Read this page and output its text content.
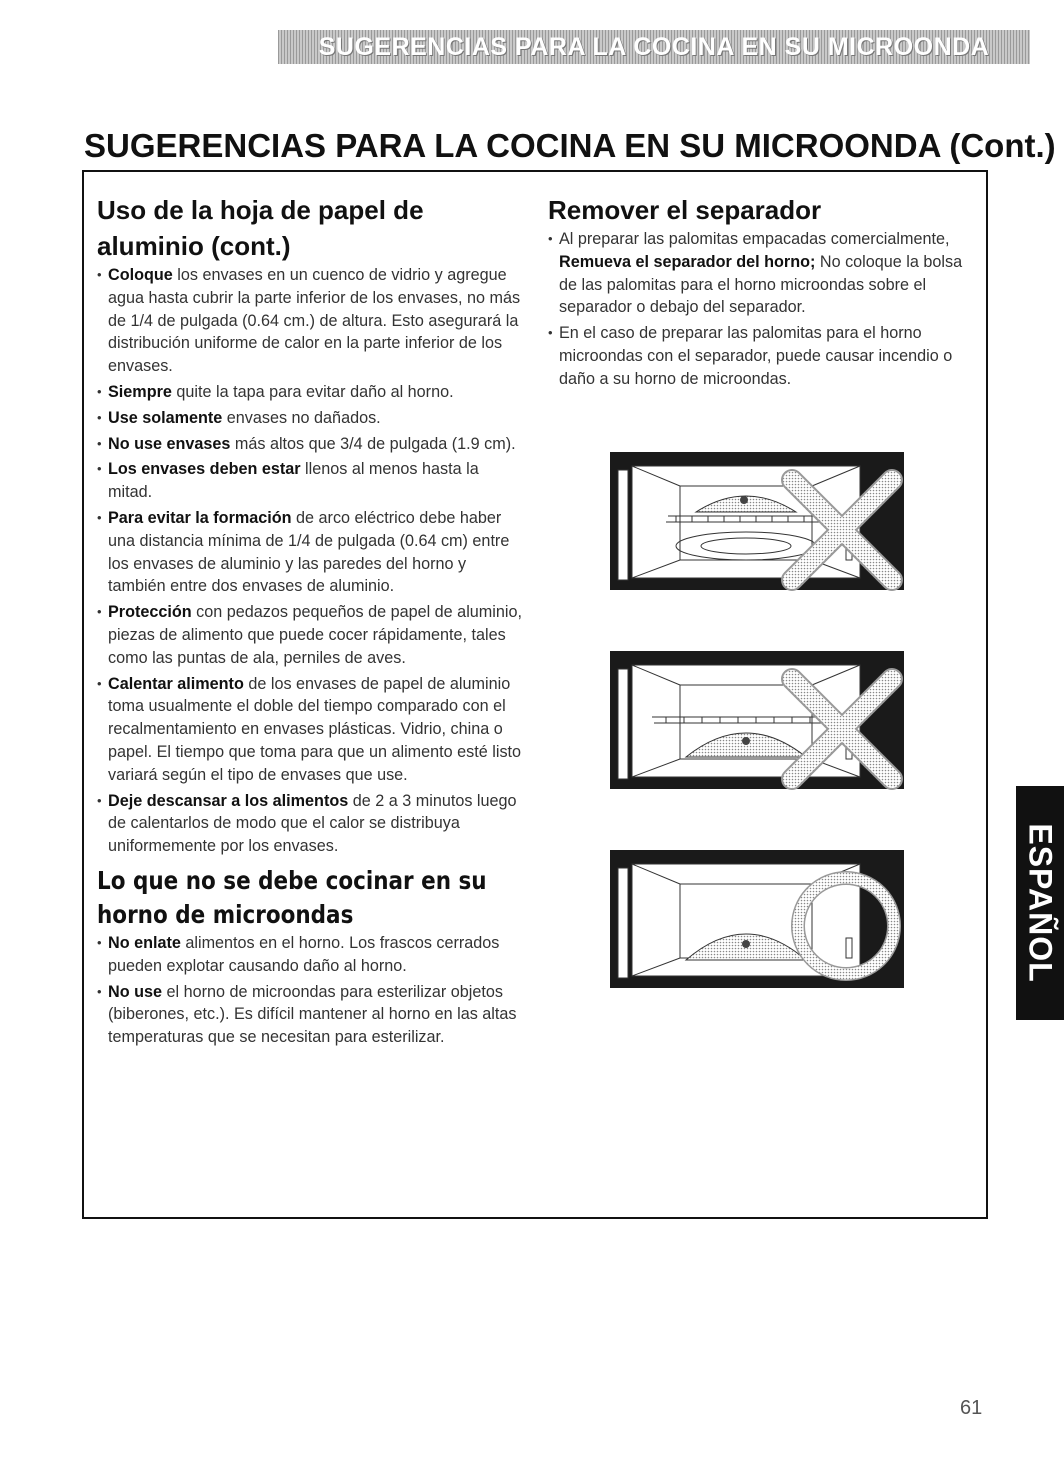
SUGERENCIAS PARA LA COCINA EN SU MICROONDA
SUGERENCIAS PARA LA COCINA EN SU MICROONDA (Cont.)
Uso de la hoja de papel de
aluminio (cont.)
• Coloque los envases en un cuenco de vidrio y agregue agua hasta cubrir la parte inferior de los envases, no más de 1/4 de pulgada (0.64 cm.) de altura. Esto asegurará la distribución uniforme de calor en la parte inferior de los envases.
• Siempre quite la tapa para evitar daño al horno.
• Use solamente envases no dañados.
• No use envases más altos que 3/4 de pulgada (1.9 cm).
• Los envases deben estar llenos al menos hasta la mitad.
• Para evitar la formación de arco eléctrico debe haber una distancia mínima de 1/4 de pulgada (0.64 cm) entre los envases de aluminio y las paredes del horno y también entre dos envases de aluminio.
• Protección con pedazos pequeños de papel de aluminio, piezas de alimento que puede cocer rápidamente, tales como las puntas de ala, perniles de aves.
• Calentar alimento de los envases de papel de aluminio toma usualmente el doble del tiempo comparado con el recalmentamiento en envases plásticas. Vidrio, china o papel. El tiempo que toma para que un alimento esté listo variará según el tipo de envases que use.
• Deje descansar a los alimentos de 2 a 3 minutos luego de calentarlos de modo que el calor se distribuya uniformemente por los envases.
Lo que no se debe cocinar en su
horno de microondas
• No enlate alimentos en el horno. Los frascos cerrados pueden explotar causando daño al horno.
• No use el horno de microondas para esterilizar objetos (biberones, etc.). Es difícil mantener al horno en las altas temperaturas que se necesitan para esterilizar.
Remover el separador
• Al preparar las palomitas empacadas comercialmente, Remueva el separador del horno; No coloque la bolsa de las palomitas para el horno microondas sobre el separador o debajo del separador.
• En el caso de preparar las palomitas para el horno microondas con el separador, puede causar incendio o daño a su horno de microondas.
ESPAÑOL
61
